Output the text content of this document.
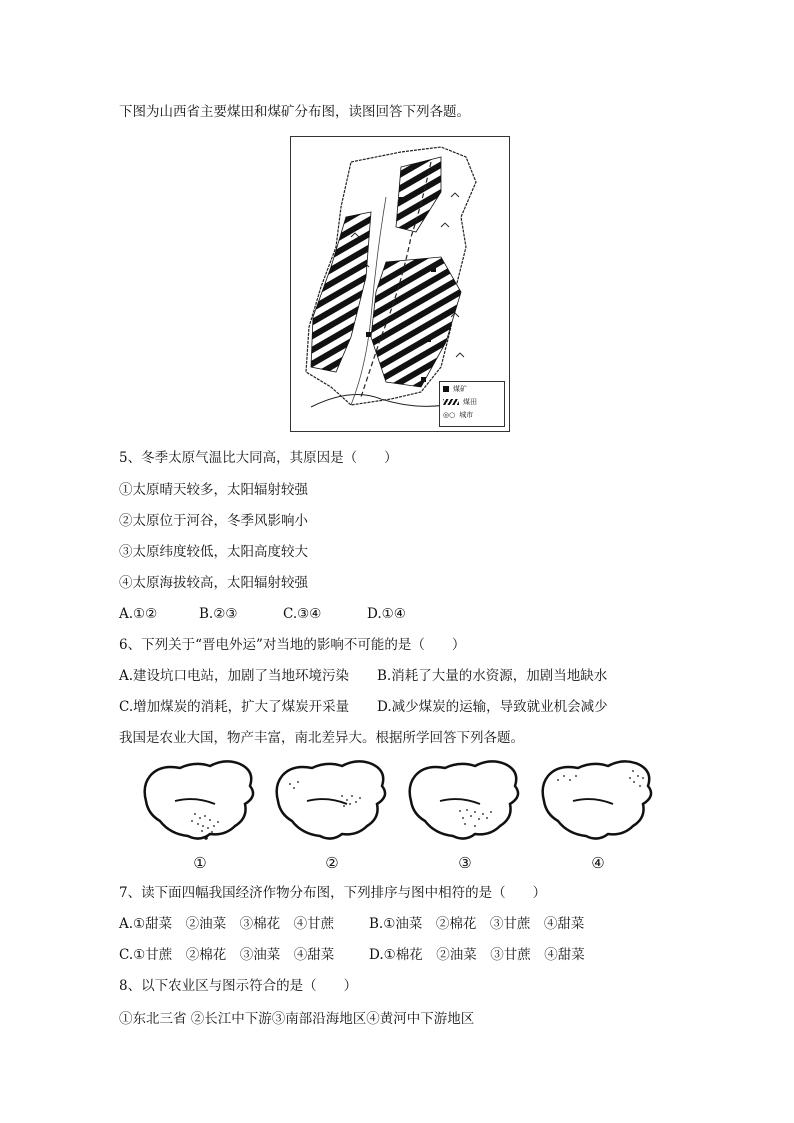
下图为山西省主要煤田和煤矿分布图，读图回答下列各题。
煤矿
煤田
◎○ 城市
5、冬季太原气温比大同高，其原因是（　　）
①太原晴天较多，太阳辐射较强
②太原位于河谷，冬季风影响小
③太原纬度较低，太阳高度较大
④太原海拔较高，太阳辐射较强
A.①②	B.②③	C.③④	D.①④
6、下列关于“晋电外运”对当地的影响不可能的是（　　）
A.建设坑口电站，加剧了当地环境污染 B.消耗了大量的水资源，加剧当地缺水
C.增加煤炭的消耗，扩大了煤炭开采量 D.减少煤炭的运输，导致就业机会减少
我国是农业大国，物产丰富，南北差异大。根据所学回答下列各题。
①	②	③	④
7、读下面四幅我国经济作物分布图，下列排序与图中相符的是（　　）
A.①甜菜　②油菜　③棉花　④甘蔗	B.①油菜　②棉花　③甘蔗　④甜菜
C.①甘蔗　②棉花　③油菜　④甜菜	D.①棉花　②油菜　③甘蔗　④甜菜
8、以下农业区与图示符合的是（　　）
①东北三省 ②长江中下游③南部沿海地区④黄河中下游地区
